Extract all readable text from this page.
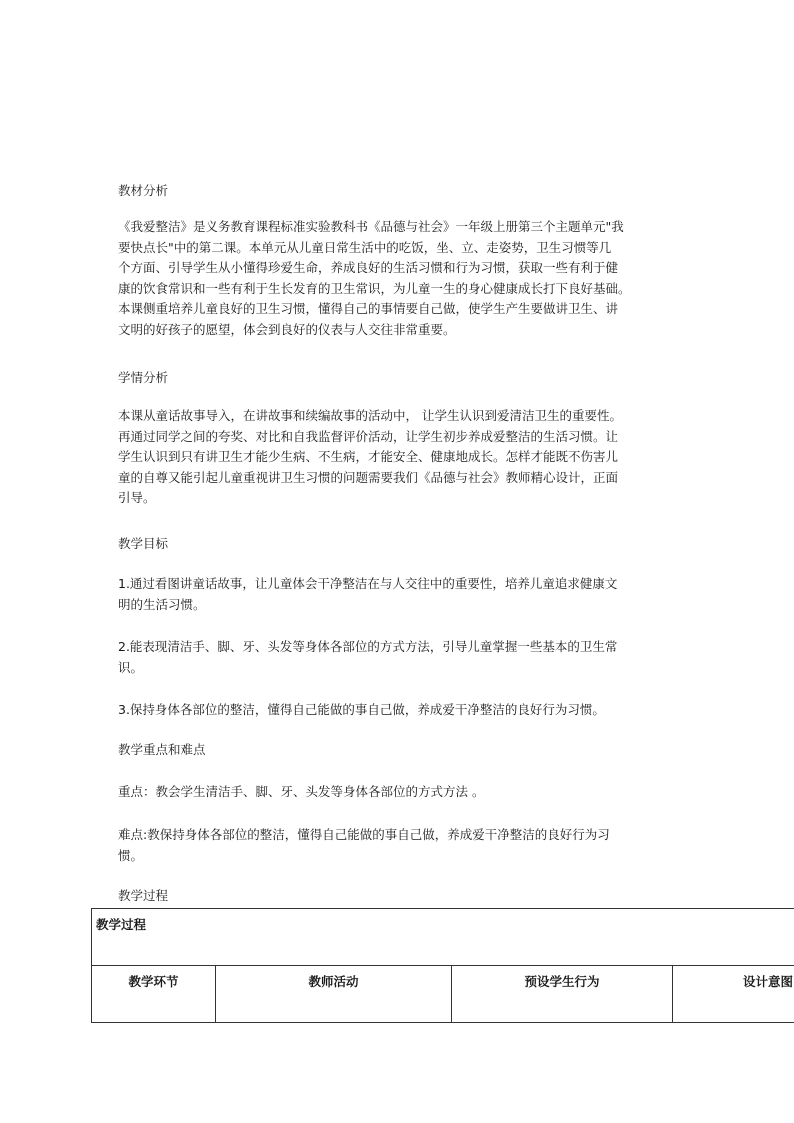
教材分析

《我爱整洁》是义务教育课程标准实验教科书《品德与社会》一年级上册第三个主题单元"我
要快点长"中的第二课。本单元从儿童日常生活中的吃饭，坐、立、走姿势，卫生习惯等几
个方面、引导学生从小懂得珍爱生命，养成良好的生活习惯和行为习惯，获取一些有利于健
康的饮食常识和一些有利于生长发育的卫生常识，为儿童一生的身心健康成长打下良好基础。
本课侧重培养儿童良好的卫生习惯，懂得自己的事情要自己做，使学生产生要做讲卫生、讲
文明的好孩子的愿望，体会到良好的仪表与人交往非常重要。

学情分析

本课从童话故事导入，在讲故事和续编故事的活动中， 让学生认识到爱清洁卫生的重要性。
再通过同学之间的夸奖、对比和自我监督评价活动，让学生初步养成爱整洁的生活习惯。让
学生认识到只有讲卫生才能少生病、不生病，才能安全、健康地成长。怎样才能既不伤害儿
童的自尊又能引起儿童重视讲卫生习惯的问题需要我们《品德与社会》教师精心设计，正面
引导。

教学目标

1.通过看图讲童话故事，让儿童体会干净整洁在与人交往中的重要性，培养儿童追求健康文
明的生活习惯。
2.能表现清洁手、脚、牙、头发等身体各部位的方式方法，引导儿童掌握一些基本的卫生常
识。

3.保持身体各部位的整洁，懂得自己能做的事自己做，养成爱干净整洁的良好行为习惯。

教学重点和难点

重点：教会学生清洁手、脚、牙、头发等身体各部位的方式方法 。

难点:教保持身体各部位的整洁，懂得自己能做的事自己做，养成爱干净整洁的良好行为习
惯。

教学过程

教学过程
教学环节	教师活动	预设学生行为	设计意图
